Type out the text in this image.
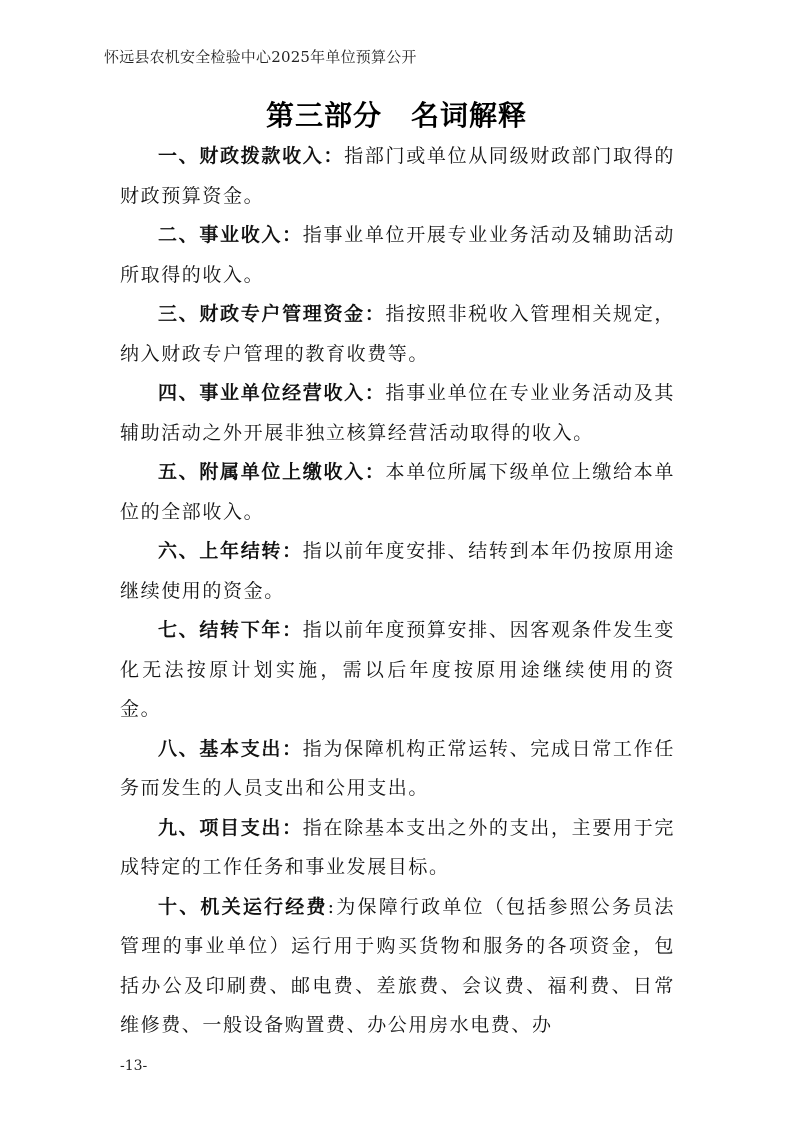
怀远县农机安全检验中心2025年单位预算公开
第三部分　名词解释

一、财政拨款收入：指部门或单位从同级财政部门取得的财政预算资金。

二、事业收入：指事业单位开展专业业务活动及辅助活动所取得的收入。

三、财政专户管理资金：指按照非税收入管理相关规定，纳入财政专户管理的教育收费等。

四、事业单位经营收入：指事业单位在专业业务活动及其辅助活动之外开展非独立核算经营活动取得的收入。

五、附属单位上缴收入：本单位所属下级单位上缴给本单位的全部收入。

六、上年结转：指以前年度安排、结转到本年仍按原用途继续使用的资金。

七、结转下年：指以前年度预算安排、因客观条件发生变化无法按原计划实施，需以后年度按原用途继续使用的资金。

八、基本支出：指为保障机构正常运转、完成日常工作任务而发生的人员支出和公用支出。

九、项目支出：指在除基本支出之外的支出，主要用于完成特定的工作任务和事业发展目标。

十、机关运行经费:为保障行政单位（包括参照公务员法管理的事业单位）运行用于购买货物和服务的各项资金，包括办公及印刷费、邮电费、差旅费、会议费、福利费、日常维修费、一般设备购置费、办公用房水电费、办

-13-
